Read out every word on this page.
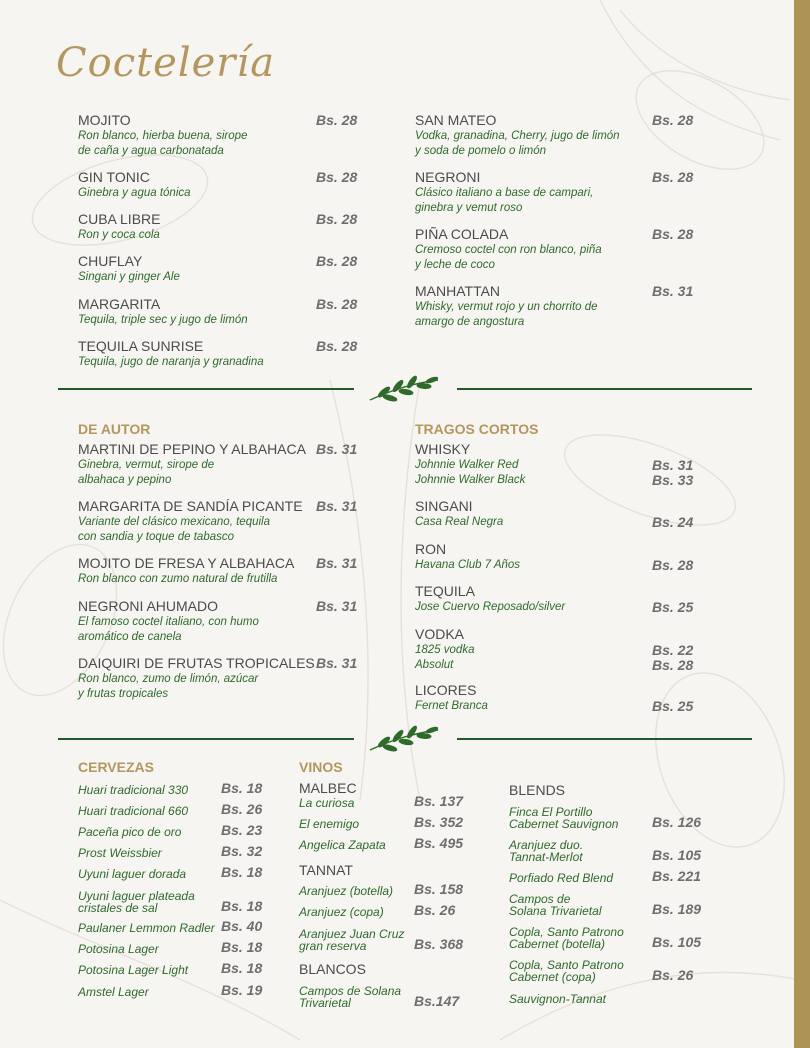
Coctelería
MOJITO	Bs. 28
Ron blanco, hierba buena, sirope
de caña y agua carbonatada
GIN TONIC	Bs. 28
Ginebra y agua tónica
CUBA LIBRE	Bs. 28
Ron y coca cola
CHUFLAY	Bs. 28
Singani y ginger Ale
MARGARITA	Bs. 28
Tequila, triple sec y jugo de limón
TEQUILA SUNRISE	Bs. 28
Tequila, jugo de naranja y granadina
SAN MATEO	Bs. 28
Vodka, granadina, Cherry, jugo de limón
y soda de pomelo o limón
NEGRONI	Bs. 28
Clásico italiano a base de campari,
ginebra y vemut roso
PIÑA COLADA	Bs. 28
Cremoso coctel con ron blanco, piña
y leche de coco
MANHATTAN	Bs. 31
Whisky, vermut rojo y un chorrito de
amargo de angostura
DE AUTOR
MARTINI DE PEPINO Y ALBAHACA Bs. 31
Ginebra, vermut, sirope de
albahaca y pepino
MARGARITA DE SANDÍA PICANTE Bs. 31
Variante del clásico mexicano, tequila
con sandia y toque de tabasco
MOJITO DE FRESA Y ALBAHACA Bs. 31
Ron blanco con zumo natural de frutilla
NEGRONI AHUMADO	Bs. 31
El famoso coctel italiano, con humo
aromático de canela
DAIQUIRI DE FRUTAS TROPICALES Bs. 31
Ron blanco, zumo de limón, azúcar
y frutas tropicales
TRAGOS CORTOS
WHISKY
Johnnie Walker Red	Bs. 31
Johnnie Walker Black	Bs. 33
SINGANI
Casa Real Negra	Bs. 24
RON
Havana Club 7 Años	Bs. 28
TEQUILA
Jose Cuervo Reposado/silver	Bs. 25
VODKA
1825 vodka	Bs. 22
Absolut	Bs. 28
LICORES
Fernet Branca	Bs. 25
CERVEZAS
Huari tradicional 330 Bs. 18
Huari tradicional 660 Bs. 26
Paceña pico de oro	Bs. 23
Prost Weissbier	Bs. 32
Uyuni laguer dorada Bs. 18
Uyuni laguer plateada
cristales de sal	Bs. 18
Paulaner Lemmon Radler Bs. 40
Potosina Lager	Bs. 18
Potosina Lager Light Bs. 18
Amstel Lager	Bs. 19
VINOS
MALBEC
La curiosa	Bs. 137
El enemigo	Bs. 352
Angelica Zapata Bs. 495
TANNAT
Aranjuez (botella) Bs. 158
Aranjuez (copa) Bs. 26
Aranjuez Juan Cruz
gran reserva	Bs. 368
BLANCOS
Campos de Solana
Trivarietal	Bs.147
BLENDS
Finca El Portillo
Cabernet Sauvignon Bs. 126
Aranjuez duo.
Tannat-Merlot	Bs. 105
Porfiado Red Blend	Bs. 221
Campos de
Solana Trivarietal	Bs. 189
Copla, Santo Patrono
Cabernet (botella)	Bs. 105
Copla, Santo Patrono
Cabernet (copa)	Bs. 26
Sauvignon-Tannat
